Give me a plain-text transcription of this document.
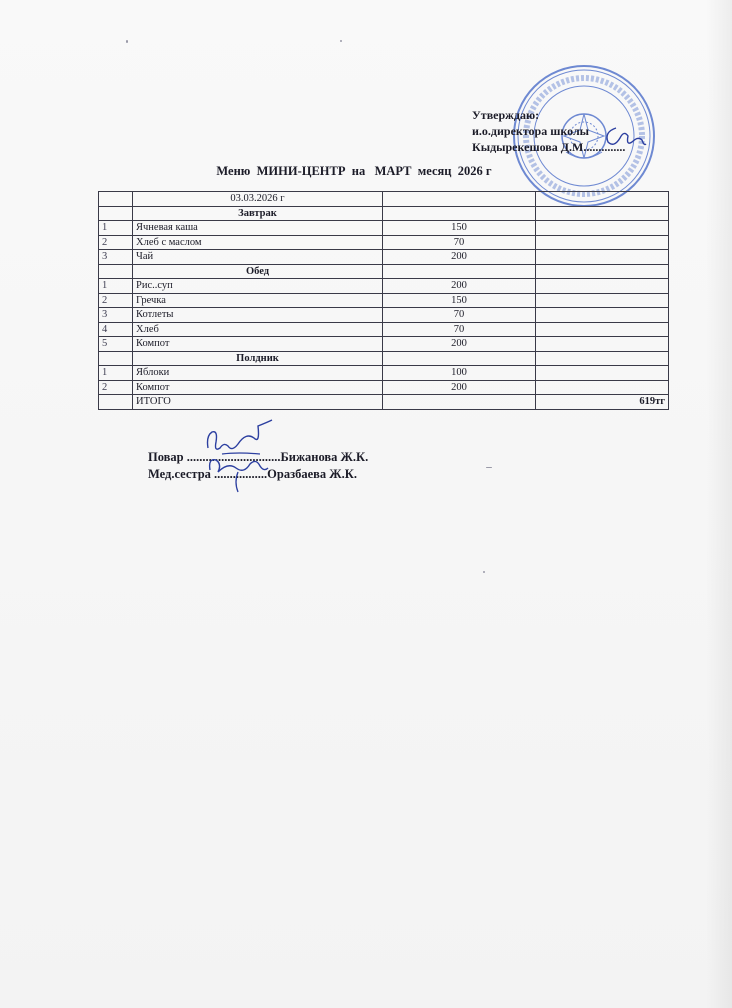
Утверждаю:
и.о.директора школы
Кыдырекешова Д.М..............
Меню  МИНИ-ЦЕНТР  на   МАРТ  месяц  2026 г
	03.03.2026 г		
	Завтрак		
1	Ячневая каша	150	
2	Хлеб с маслом	70	
3	Чай	200	
	Обед		
1	Рис..суп	200	
2	Гречка	150	
3	Котлеты	70	
4	Хлеб	70	
5	Компот	200	
	Полдник		
1	Яблоки	100	
2	Компот	200	
	ИТОГО		619тг
Повар ..............................Бижанова Ж.К.
Мед.сестра .................Оразбаева Ж.К.
